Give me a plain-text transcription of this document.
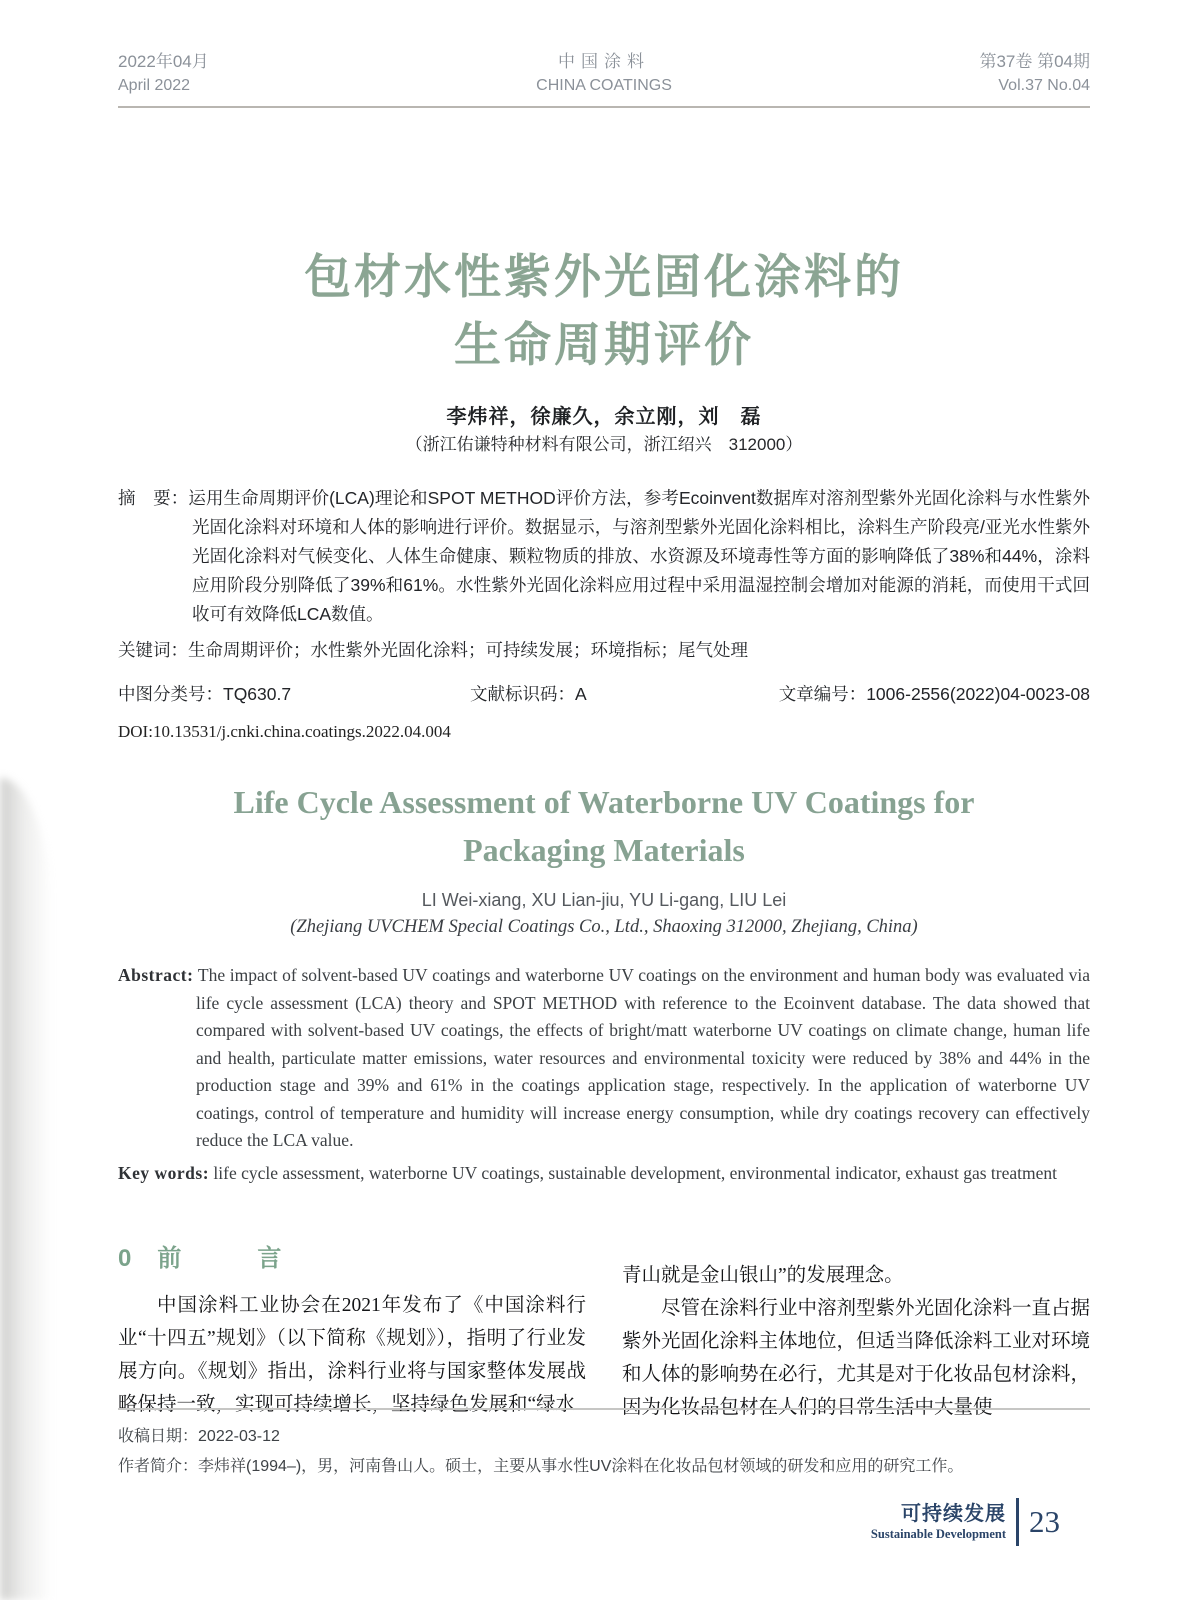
2022年04月	中国涂料	第37卷 第04期
April 2022	CHINA COATINGS	Vol.37 No.04
包材水性紫外光固化涂料的
生命周期评价
李炜祥，徐廉久，余立刚，刘　磊
（浙江佑谦特种材料有限公司，浙江绍兴　312000）

摘　要：运用生命周期评价(LCA)理论和SPOT METHOD评价方法，参考Ecoinvent数据库对溶剂型紫外光固化涂料与水性紫外光固化涂料对环境和人体的影响进行评价。数据显示，与溶剂型紫外光固化涂料相比，涂料生产阶段亮/亚光水性紫外光固化涂料对气候变化、人体生命健康、颗粒物质的排放、水资源及环境毒性等方面的影响降低了38%和44%，涂料应用阶段分别降低了39%和61%。水性紫外光固化涂料应用过程中采用温湿控制会增加对能源的消耗，而使用干式回收可有效降低LCA数值。

关键词：生命周期评价；水性紫外光固化涂料；可持续发展；环境指标；尾气处理

中图分类号：TQ630.7	文献标识码：A	文章编号：1006-2556(2022)04-0023-08

DOI:10.13531/j.cnki.china.coatings.2022.04.004

Life Cycle Assessment of Waterborne UV Coatings for
Packaging Materials
LI Wei-xiang, XU Lian-jiu, YU Li-gang, LIU Lei
(Zhejiang UVCHEM Special Coatings Co., Ltd., Shaoxing 312000, Zhejiang, China)

Abstract: The impact of solvent-based UV coatings and waterborne UV coatings on the environment and human body was evaluated via life cycle assessment (LCA) theory and SPOT METHOD with reference to the Ecoinvent database. The data showed that compared with solvent-based UV coatings, the effects of bright/matt waterborne UV coatings on climate change, human life and health, particulate matter emissions, water resources and environmental toxicity were reduced by 38% and 44% in the production stage and 39% and 61% in the coatings application stage, respectively. In the application of waterborne UV coatings, control of temperature and humidity will increase energy consumption, while dry coatings recovery can effectively reduce the LCA value.

Key words: life cycle assessment, waterborne UV coatings, sustainable development, environmental indicator, exhaust gas treatment

0 前　言

中国涂料工业协会在2021年发布了《中国涂料行业“十四五”规划》（以下简称《规划》），指明了行业发展方向。《规划》指出，涂料行业将与国家整体发展战略保持一致，实现可持续增长，坚持绿色发展和“绿水

青山就是金山银山”的发展理念。

尽管在涂料行业中溶剂型紫外光固化涂料一直占据紫外光固化涂料主体地位，但适当降低涂料工业对环境和人体的影响势在必行，尤其是对于化妆品包材涂料，因为化妆品包材在人们的日常生活中大量使

收稿日期：2022-03-12
作者简介：李炜祥(1994–)，男，河南鲁山人。硕士，主要从事水性UV涂料在化妆品包材领域的研发和应用的研究工作。
可持续发展
Sustainable Development 23
